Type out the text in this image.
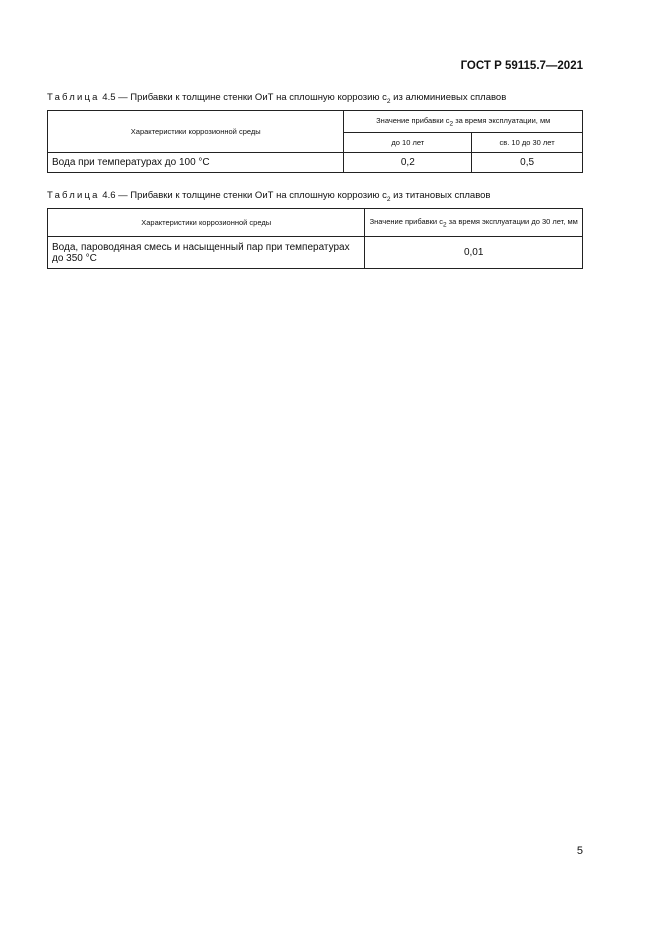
ГОСТ Р 59115.7—2021
Таблица 4.5 — Прибавки к толщине стенки ОиТ на сплошную коррозию $c_2$ из алюминиевых сплавов
Характеристики коррозионной среды	Значение прибавки $c_2$ за время эксплуатации, мм	
	до 10 лет	св. 10 до 30 лет
Вода при температурах до 100 °С	0,2	0,5
Таблица 4.6 — Прибавки к толщине стенки ОиТ на сплошную коррозию $c_2$ из титановых сплавов
Характеристики коррозионной среды	Значение прибавки $c_2$ за время эксплуатации до 30 лет, мм
Вода, пароводяная смесь и насыщенный пар при температурах до 350 °С	0,01
5
